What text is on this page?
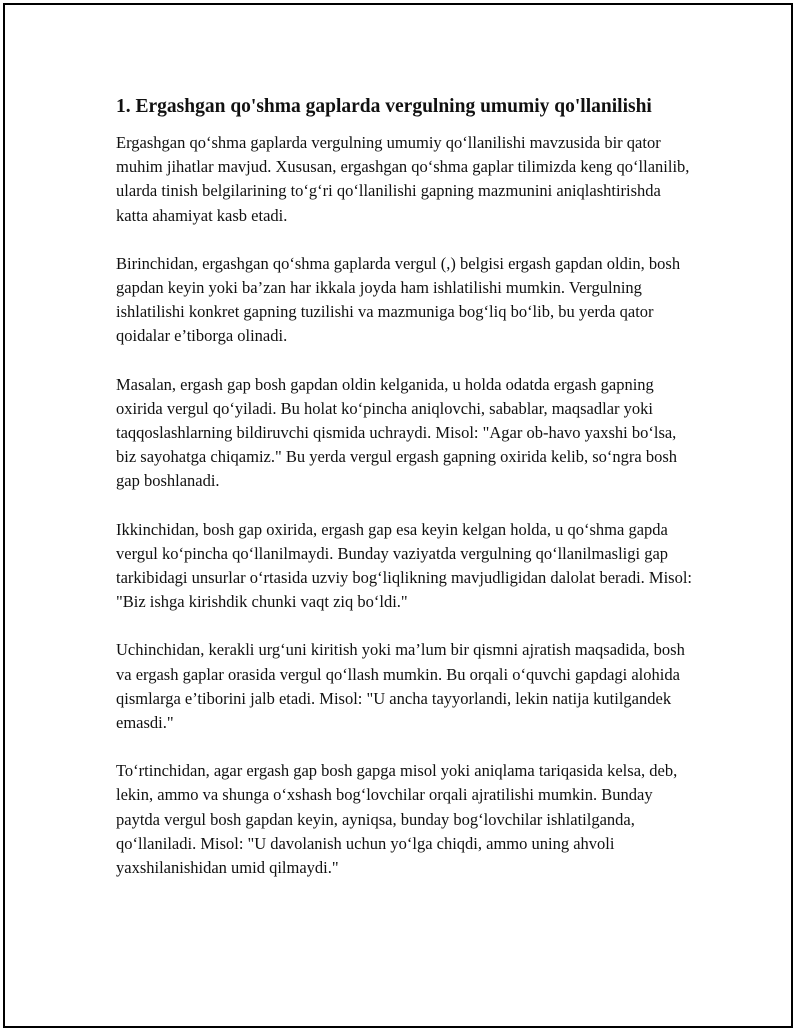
1. Ergashgan qo'shma gaplarda vergulning umumiy qo'llanilishi

Ergashgan qo‘shma gaplarda vergulning umumiy qo‘llanilishi mavzusida bir qator muhim jihatlar mavjud. Xususan, ergashgan qo‘shma gaplar tilimizda keng qo‘llanilib, ularda tinish belgilarining to‘g‘ri qo‘llanilishi gapning mazmunini aniqlashtirishda katta ahamiyat kasb etadi.

Birinchidan, ergashgan qo‘shma gaplarda vergul (,) belgisi ergash gapdan oldin, bosh gapdan keyin yoki ba’zan har ikkala joyda ham ishlatilishi mumkin. Vergulning ishlatilishi konkret gapning tuzilishi va mazmuniga bog‘liq bo‘lib, bu yerda qator qoidalar e’tiborga olinadi.

Masalan, ergash gap bosh gapdan oldin kelganida, u holda odatda ergash gapning oxirida vergul qo‘yiladi. Bu holat ko‘pincha aniqlovchi, sabablar, maqsadlar yoki taqqoslashlarning bildiruvchi qismida uchraydi. Misol: "Agar ob-havo yaxshi bo‘lsa, biz sayohatga chiqamiz." Bu yerda vergul ergash gapning oxirida kelib, so‘ngra bosh gap boshlanadi.

Ikkinchidan, bosh gap oxirida, ergash gap esa keyin kelgan holda, u qo‘shma gapda vergul ko‘pincha qo‘llanilmaydi. Bunday vaziyatda vergulning qo‘llanilmasligi gap tarkibidagi unsurlar o‘rtasida uzviy bog‘liqlikning mavjudligidan dalolat beradi. Misol: "Biz ishga kirishdik chunki vaqt ziq bo‘ldi."

Uchinchidan, kerakli urg‘uni kiritish yoki ma’lum bir qismni ajratish maqsadida, bosh va ergash gaplar orasida vergul qo‘llash mumkin. Bu orqali o‘quvchi gapdagi alohida qismlarga e’tiborini jalb etadi. Misol: "U ancha tayyorlandi, lekin natija kutilgandek emasdi."

To‘rtinchidan, agar ergash gap bosh gapga misol yoki aniqlama tariqasida kelsa, deb, lekin, ammo va shunga o‘xshash bog‘lovchilar orqali ajratilishi mumkin. Bunday paytda vergul bosh gapdan keyin, ayniqsa, bunday bog‘lovchilar ishlatilganda, qo‘llaniladi. Misol: "U davolanish uchun yo‘lga chiqdi, ammo uning ahvoli yaxshilanishidan umid qilmaydi."
